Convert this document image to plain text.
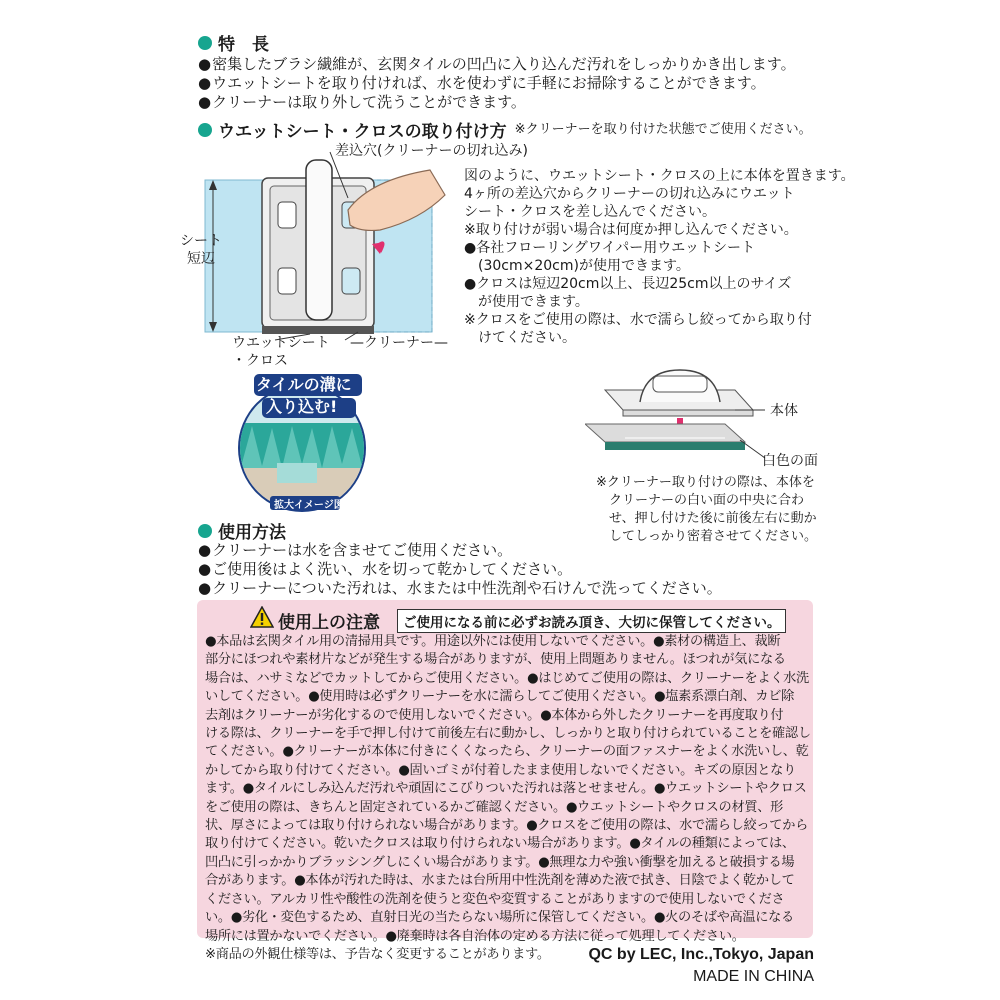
特　長
● 密集したブラシ繊維が、玄関タイルの凹凸に入り込んだ汚れをしっかりかき出します。
● ウエットシートを取り付ければ、水を使わずに手軽にお掃除することができます。
● クリーナーは取り外して洗うことができます。
ウエットシート・クロスの取り付け方 ※クリーナーを取り付けた状態でご使用ください。
差込穴(クリーナーの切れ込み)
シート
短辺
ウエットシート
・クロス
—クリーナー—
図のように、ウエットシート・クロスの上に本体を置きます。
4ヶ所の差込穴からクリーナーの切れ込みにウエット
シート・クロスを差し込んでください。
※取り付けが弱い場合は何度か押し込んでください。
●各社フローリングワイパー用ウエットシート
　(30cm×20cm)が使用できます。
●クロスは短辺20cm以上、長辺25cm以上のサイズ
　が使用できます。
※クロスをご使用の際は、水で濡らし絞ってから取り付
　けてください。
タイルの溝に
入り込む!
拡大イメージ図
本体
白色の面
※クリーナー取り付けの際は、本体を
　クリーナーの白い面の中央に合わ
　せ、押し付けた後に前後左右に動か
　してしっかり密着させてください。
使用方法
● クリーナーは水を含ませてご使用ください。
● ご使用後はよく洗い、水を切って乾かしてください。
● クリーナーについた汚れは、水または中性洗剤や石けんで洗ってください。
使用上の注意	ご使用になる前に必ずお読み頂き、大切に保管してください。
●本品は玄関タイル用の清掃用具です。用途以外には使用しないでください。●素材の構造上、裁断
部分にほつれや素材片などが発生する場合がありますが、使用上問題ありません。ほつれが気になる
場合は、ハサミなどでカットしてからご使用ください。●はじめてご使用の際は、クリーナーをよく水洗
いしてください。●使用時は必ずクリーナーを水に濡らしてご使用ください。●塩素系漂白剤、カビ除
去剤はクリーナーが劣化するので使用しないでください。●本体から外したクリーナーを再度取り付
ける際は、クリーナーを手で押し付けて前後左右に動かし、しっかりと取り付けられていることを確認し
てください。●クリーナーが本体に付きにくくなったら、クリーナーの面ファスナーをよく水洗いし、乾
かしてから取り付けてください。●固いゴミが付着したまま使用しないでください。キズの原因となり
ます。●タイルにしみ込んだ汚れや頑固にこびりついた汚れは落とせません。●ウエットシートやクロス
をご使用の際は、きちんと固定されているかご確認ください。●ウエットシートやクロスの材質、形
状、厚さによっては取り付けられない場合があります。●クロスをご使用の際は、水で濡らし絞ってから
取り付けてください。乾いたクロスは取り付けられない場合があります。●タイルの種類によっては、
凹凸に引っかかりブラッシングしにくい場合があります。●無理な力や強い衝撃を加えると破損する場
合があります。●本体が汚れた時は、水または台所用中性洗剤を薄めた液で拭き、日陰でよく乾かして
ください。アルカリ性や酸性の洗剤を使うと変色や変質することがありますので使用しないでくださ
い。●劣化・変色するため、直射日光の当たらない場所に保管してください。●火のそばや高温になる
場所には置かないでください。●廃棄時は各自治体の定める方法に従って処理してください。
※商品の外観仕様等は、予告なく変更することがあります。	QC by LEC, Inc.,Tokyo, Japan
MADE IN CHINA
